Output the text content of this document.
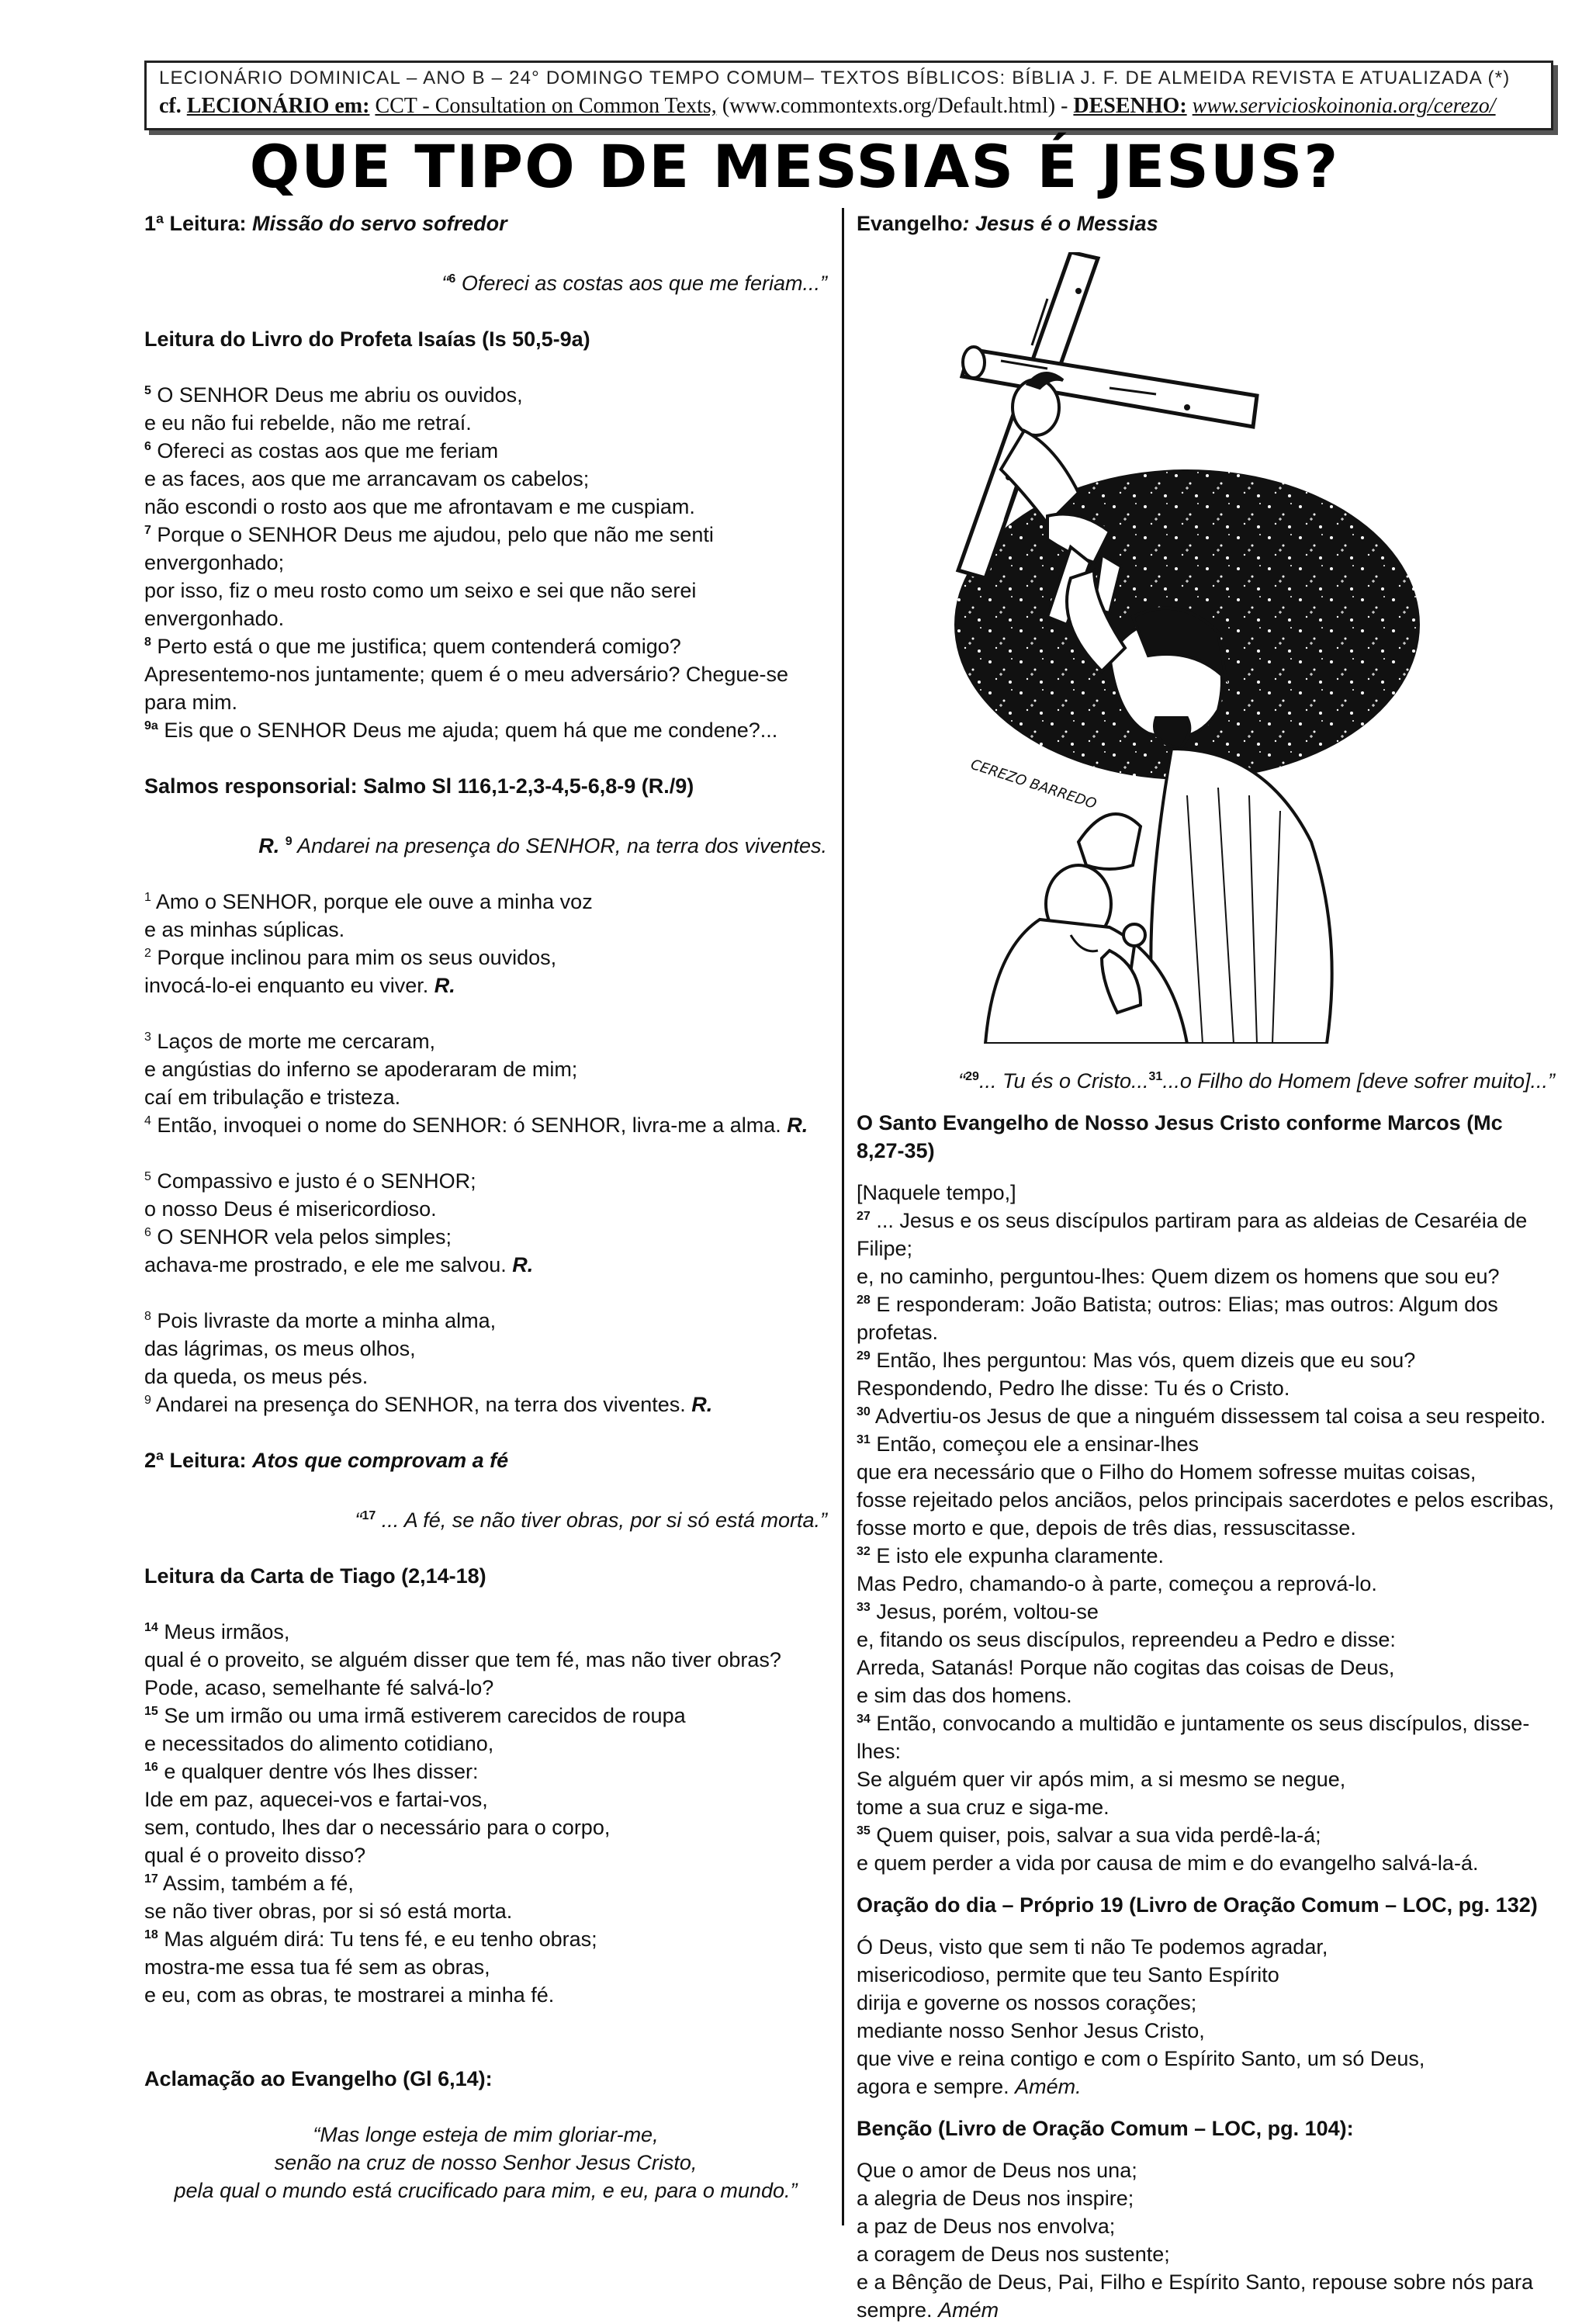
LECIONÁRIO DOMINICAL – ANO B – 24° DOMINGO TEMPO COMUM– TEXTOS BÍBLICOS: BÍBLIA J. F. DE ALMEIDA REVISTA E ATUALIZADA (*)
cf. LECIONÁRIO em: CCT - Consultation on Common Texts, (www.commontexts.org/Default.html) - DESENHO: www.servicioskoinonia.org/cerezo/
QUE TIPO DE MESSIAS É JESUS?

1ª Leitura: Missão do servo sofredor

“$^6$ Ofereci as costas aos que me feriam...”

Leitura do Livro do Profeta Isaías (Is 50,5-9a)

$^5$ O SENHOR Deus me abriu os ouvidos,

e eu não fui rebelde, não me retraí.

$^6$ Ofereci as costas aos que me feriam

e as faces, aos que me arrancavam os cabelos;

não escondi o rosto aos que me afrontavam e me cuspiam.

$^7$ Porque o SENHOR Deus me ajudou, pelo que não me senti envergonhado;

por isso, fiz o meu rosto como um seixo e sei que não serei envergonhado.

$^8$ Perto está o que me justifica; quem contenderá comigo?

Apresentemo-nos juntamente; quem é o meu adversário? Chegue-se para mim.

$^{9a}$ Eis que o SENHOR Deus me ajuda; quem há que me condene?...

Salmos responsorial: Salmo Sl 116,1-2,3-4,5-6,8-9 (R./9)

R. $^9$ Andarei na presença do SENHOR, na terra dos viventes.

$^1$ Amo o SENHOR, porque ele ouve a minha voz

e as minhas súplicas.

$^2$ Porque inclinou para mim os seus ouvidos,

invocá-lo-ei enquanto eu viver. R.

$^3$ Laços de morte me cercaram,

e angústias do inferno se apoderaram de mim;

caí em tribulação e tristeza.

$^4$ Então, invoquei o nome do SENHOR: ó SENHOR, livra-me a alma. R.

$^5$ Compassivo e justo é o SENHOR;

o nosso Deus é misericordioso.

$^6$ O SENHOR vela pelos simples;

achava-me prostrado, e ele me salvou. R.

$^8$ Pois livraste da morte a minha alma,

das lágrimas, os meus olhos,

da queda, os meus pés.

$^9$ Andarei na presença do SENHOR, na terra dos viventes. R.

2ª Leitura: Atos que comprovam a fé

“$^{17}$ ... A fé, se não tiver obras, por si só está morta.”

Leitura da Carta de Tiago (2,14-18)

$^{14}$ Meus irmãos,

qual é o proveito, se alguém disser que tem fé, mas não tiver obras?

Pode, acaso, semelhante fé salvá-lo?

$^{15}$ Se um irmão ou uma irmã estiverem carecidos de roupa

e necessitados do alimento cotidiano,

$^{16}$ e qualquer dentre vós lhes disser:

Ide em paz, aquecei-vos e fartai-vos,

sem, contudo, lhes dar o necessário para o corpo,

qual é o proveito disso?

$^{17}$ Assim, também a fé,

se não tiver obras, por si só está morta.

$^{18}$ Mas alguém dirá: Tu tens fé, e eu tenho obras;

mostra-me essa tua fé sem as obras,

e eu, com as obras, te mostrarei a minha fé.

Aclamação ao Evangelho (Gl 6,14):

“Mas longe esteja de mim gloriar-me,

senão na cruz de nosso Senhor Jesus Cristo,

pela qual o mundo está crucificado para mim, e eu, para o mundo.”

Evangelho: Jesus é o Messias

CEREZO BARREDO

“$^{29}$... Tu és o Cristo...$^{31}$...o Filho do Homem [deve sofrer muito]...”

O Santo Evangelho de Nosso Jesus Cristo conforme Marcos (Mc 8,27-35)

[Naquele tempo,]

$^{27}$ ... Jesus e os seus discípulos partiram para as aldeias de Cesaréia de Filipe;

e, no caminho, perguntou-lhes: Quem dizem os homens que sou eu?

$^{28}$ E responderam: João Batista; outros: Elias; mas outros: Algum dos profetas.

$^{29}$ Então, lhes perguntou: Mas vós, quem dizeis que eu sou?

Respondendo, Pedro lhe disse: Tu és o Cristo.

$^{30}$ Advertiu-os Jesus de que a ninguém dissessem tal coisa a seu respeito.

$^{31}$ Então, começou ele a ensinar-lhes

que era necessário que o Filho do Homem sofresse muitas coisas,

fosse rejeitado pelos anciãos, pelos principais sacerdotes e pelos escribas,

fosse morto e que, depois de três dias, ressuscitasse.

$^{32}$ E isto ele expunha claramente.

Mas Pedro, chamando-o à parte, começou a reprová-lo.

$^{33}$ Jesus, porém, voltou-se

e, fitando os seus discípulos, repreendeu a Pedro e disse:

Arreda, Satanás! Porque não cogitas das coisas de Deus,

e sim das dos homens.

$^{34}$ Então, convocando a multidão e juntamente os seus discípulos, disse-lhes:

Se alguém quer vir após mim, a si mesmo se negue,

tome a sua cruz e siga-me.

$^{35}$ Quem quiser, pois, salvar a sua vida perdê-la-á;

e quem perder a vida por causa de mim e do evangelho salvá-la-á.

Oração do dia – Próprio 19 (Livro de Oração Comum – LOC, pg. 132)

Ó Deus, visto que sem ti não Te podemos agradar,

misericodioso, permite que teu Santo Espírito

dirija e governe os nossos corações;

mediante nosso Senhor Jesus Cristo,

que vive e reina contigo e com o Espírito Santo, um só Deus,

agora e sempre. Amém.

Benção (Livro de Oração Comum – LOC, pg. 104):

Que o amor de Deus nos una;

a alegria de Deus nos inspire;

a paz de Deus nos envolva;

a coragem de Deus nos sustente;

e a Bênção de Deus, Pai, Filho e Espírito Santo, repouse sobre nós para

sempre. Amém
